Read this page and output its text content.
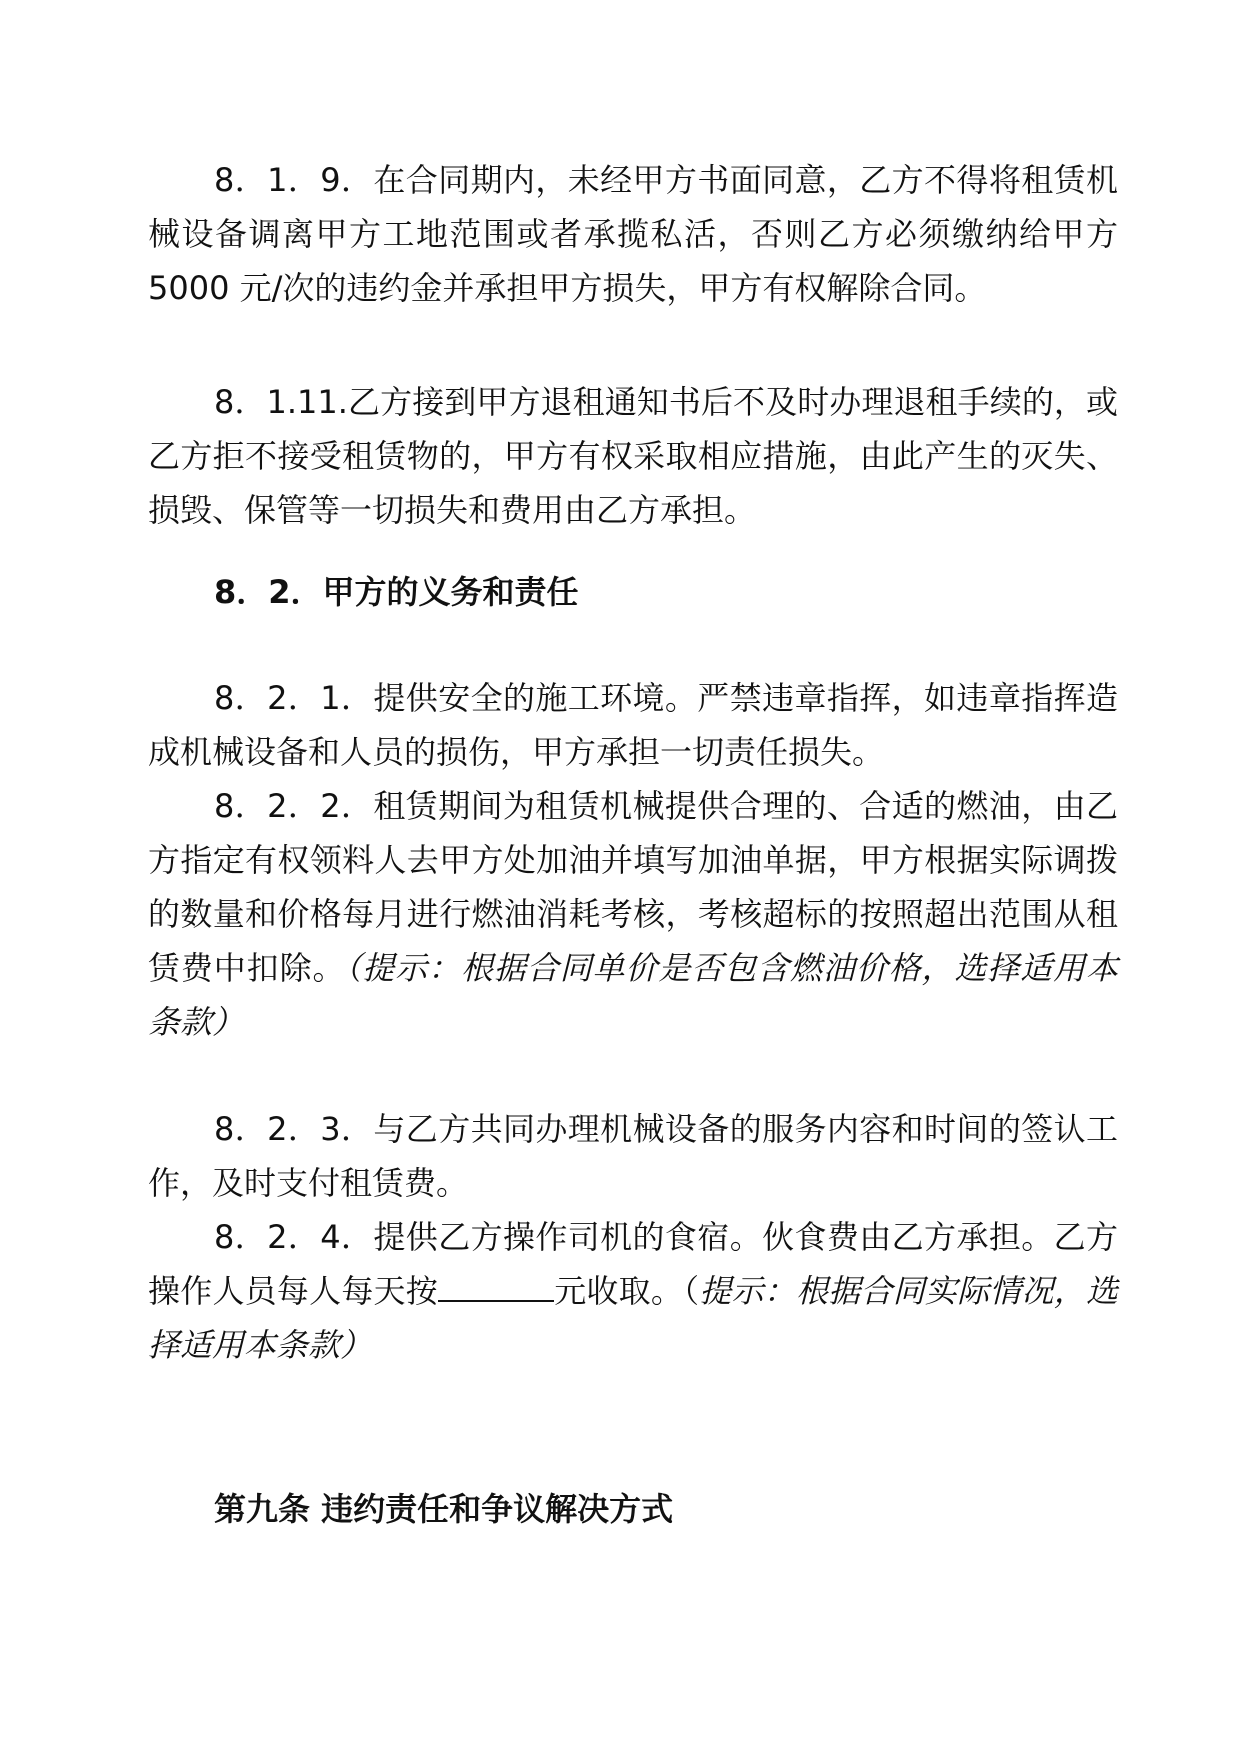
8．1．9．在合同期内，未经甲方书面同意，乙方不得将租赁机械设备调离甲方工地范围或者承揽私活，否则乙方必须缴纳给甲方 5000 元/次的违约金并承担甲方损失，甲方有权解除合同。

8．1.11.乙方接到甲方退租通知书后不及时办理退租手续的，或乙方拒不接受租赁物的，甲方有权采取相应措施，由此产生的灭失、损毁、保管等一切损失和费用由乙方承担。

8．2．甲方的义务和责任

8．2．1．提供安全的施工环境。严禁违章指挥，如违章指挥造成机械设备和人员的损伤，甲方承担一切责任损失。

8．2．2．租赁期间为租赁机械提供合理的、合适的燃油，由乙方指定有权领料人去甲方处加油并填写加油单据，甲方根据实际调拨的数量和价格每月进行燃油消耗考核，考核超标的按照超出范围从租赁费中扣除。（提示：根据合同单价是否包含燃油价格，选择适用本条款）

8．2．3．与乙方共同办理机械设备的服务内容和时间的签认工作，及时支付租赁费。

8．2．4．提供乙方操作司机的食宿。伙食费由乙方承担。乙方操作人员每人每天按	元收取。（提示：根据合同实际情况，选择适用本条款）

第九条 违约责任和争议解决方式
